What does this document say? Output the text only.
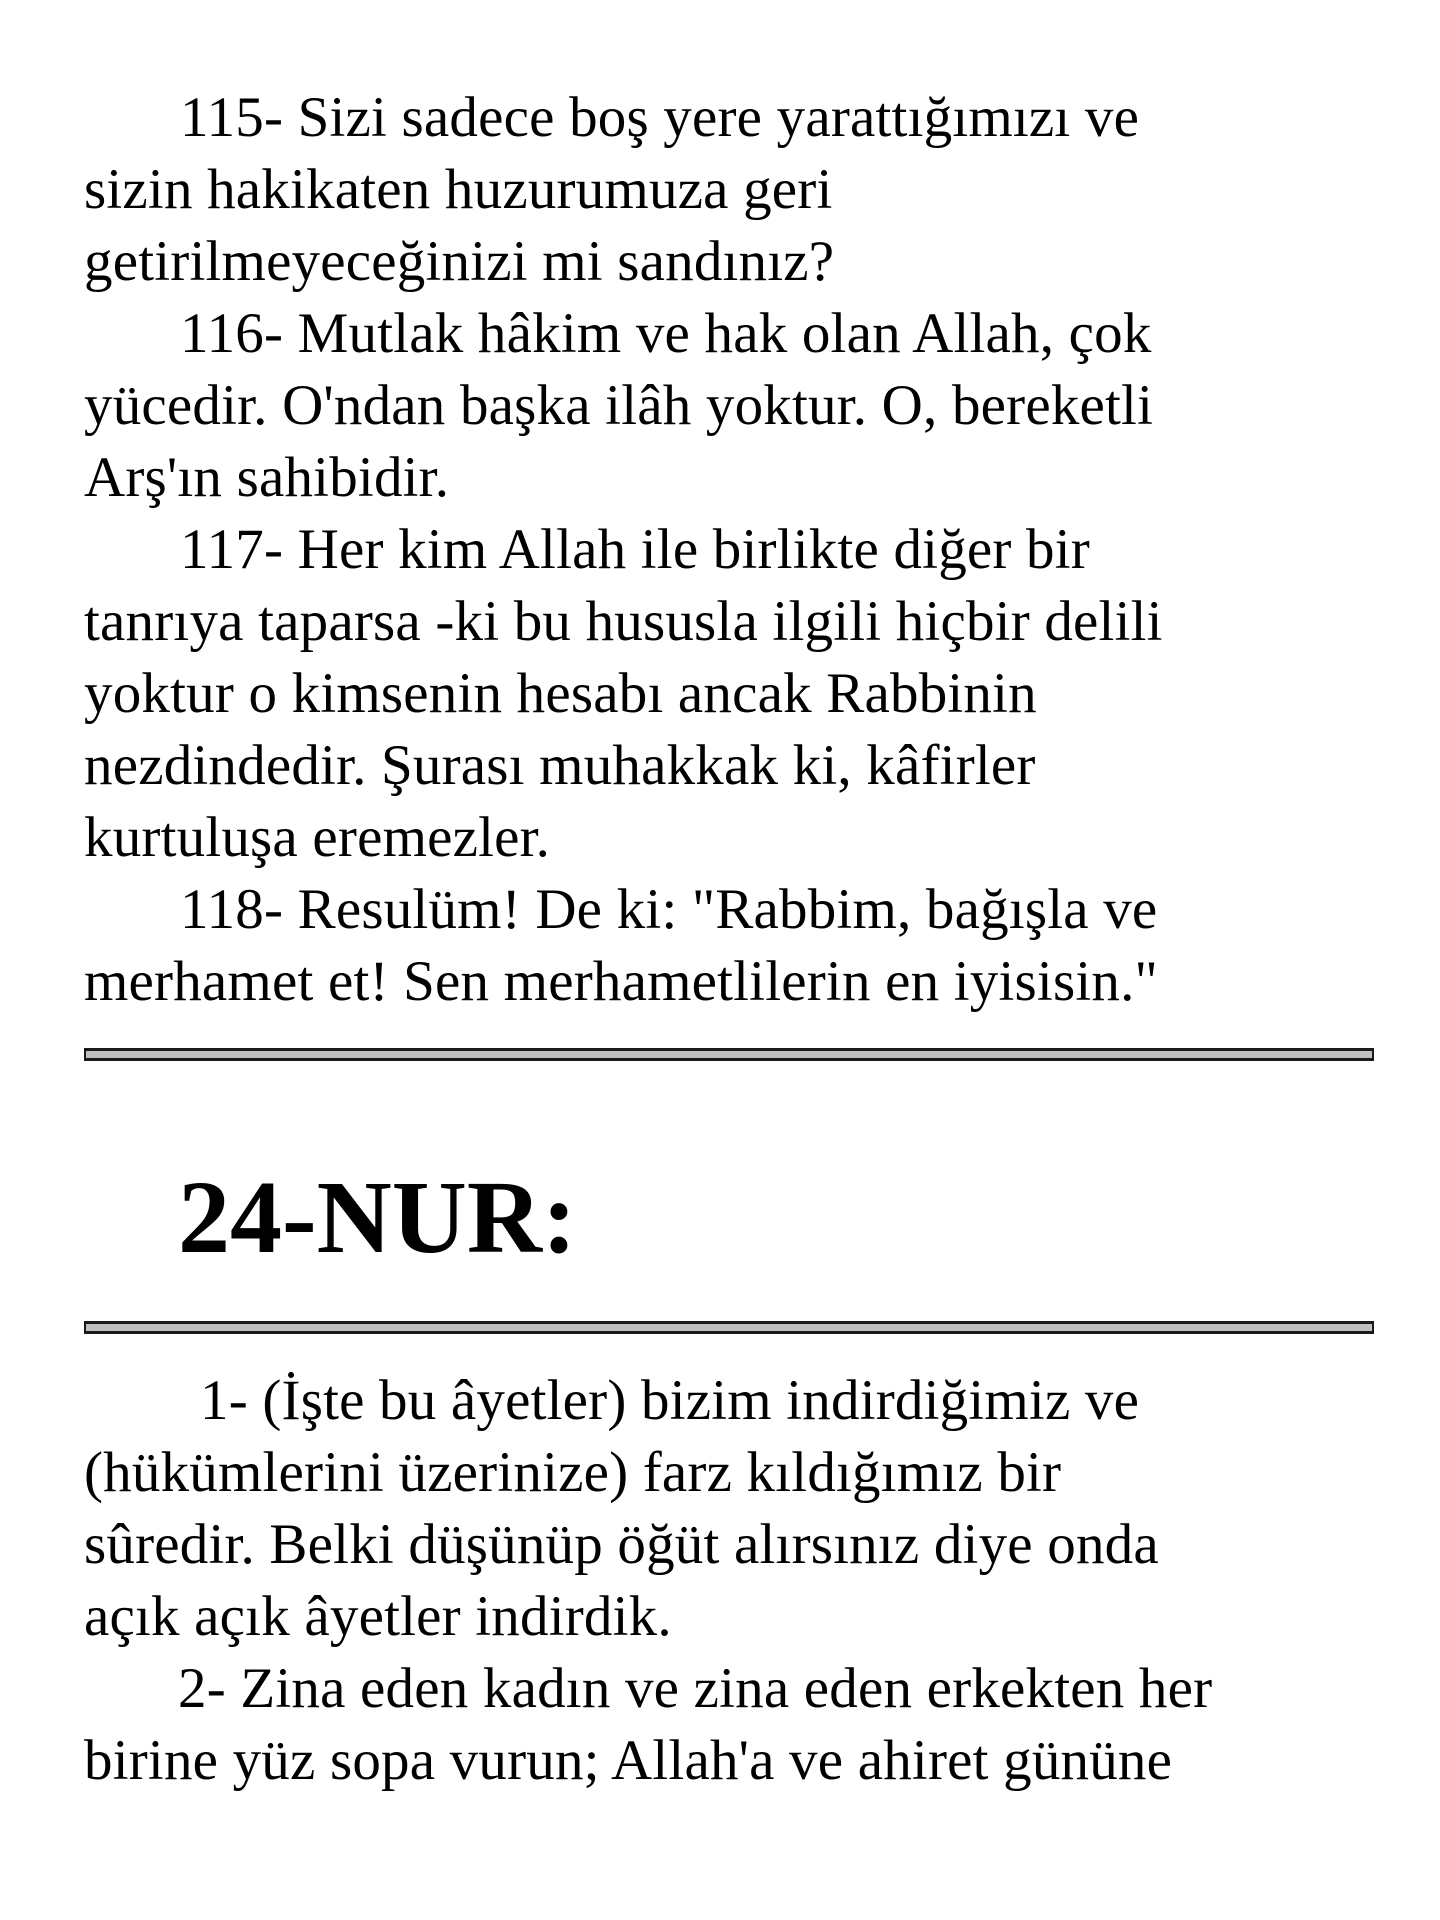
115- Sizi sadece boş yere yarattığımızı ve
sizin hakikaten huzurumuza geri
getirilmeyeceğinizi mi sandınız?
116- Mutlak hâkim ve hak olan Allah, çok
yücedir. O'ndan başka ilâh yoktur. O, bereketli
Arş'ın sahibidir.
117- Her kim Allah ile birlikte diğer bir
tanrıya taparsa -ki bu hususla ilgili hiçbir delili
yoktur o kimsenin hesabı ancak Rabbinin
nezdindedir. Şurası muhakkak ki, kâfirler
kurtuluşa eremezler.
118- Resulüm! De ki: "Rabbim, bağışla ve
merhamet et! Sen merhametlilerin en iyisisin."
24-NUR:
1- (İşte bu âyetler) bizim indirdiğimiz ve
(hükümlerini üzerinize) farz kıldığımız bir
sûredir. Belki düşünüp öğüt alırsınız diye onda
açık açık âyetler indirdik.
2- Zina eden kadın ve zina eden erkekten her
birine yüz sopa vurun; Allah'a ve ahiret gününe
